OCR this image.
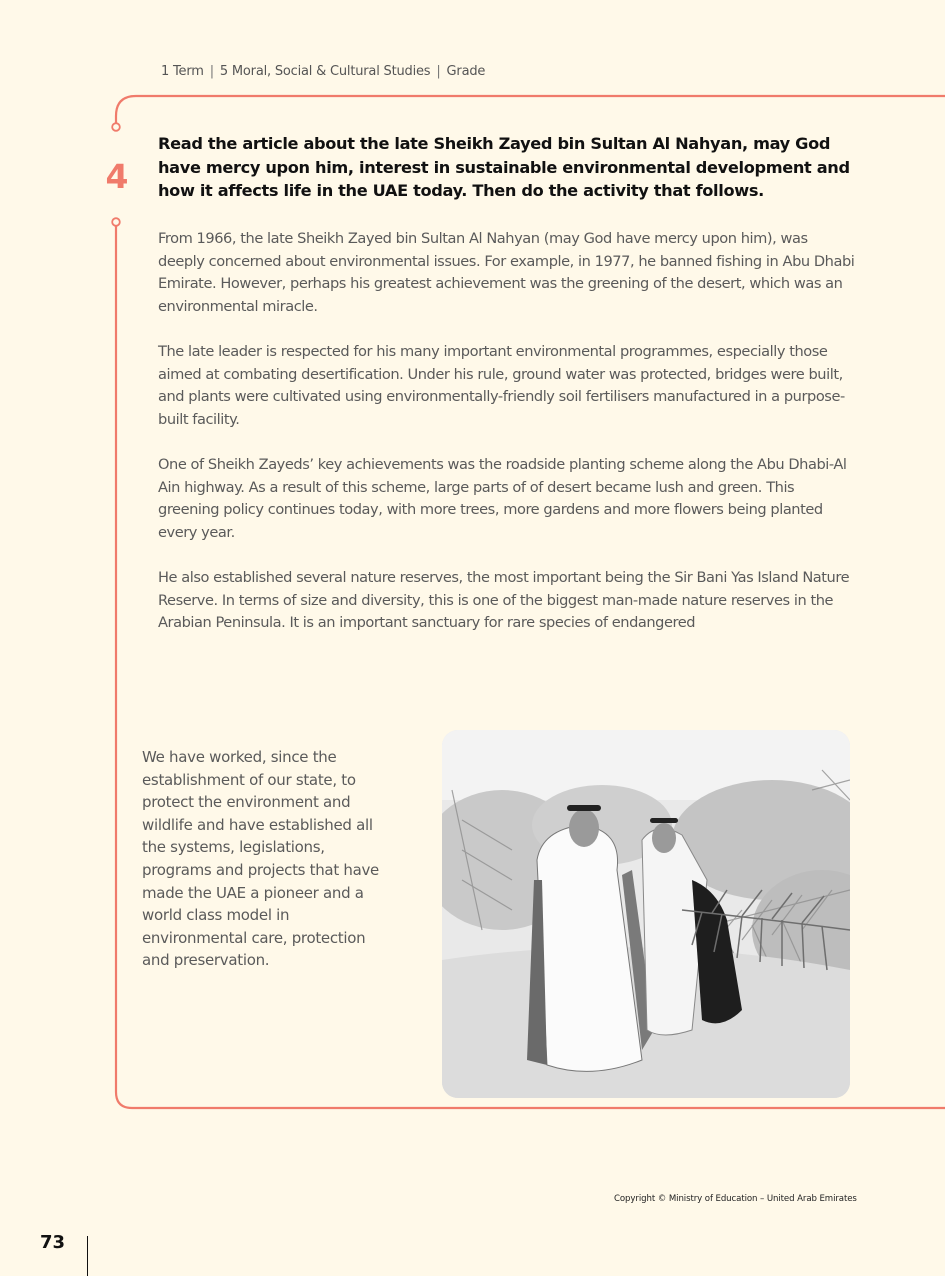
1 Term | 5 Moral, Social & Cultural Studies | Grade
4
Read the article about the late Sheikh Zayed bin Sultan Al Nahyan, may God have mercy upon him, interest in sustainable environmental development and how it affects life in the UAE today. Then do the activity that follows.

From 1966, the late Sheikh Zayed bin Sultan Al Nahyan (may God have mercy upon him), was deeply concerned about environmental issues. For example, in 1977, he banned fishing in Abu Dhabi Emirate. However, perhaps his greatest achievement was the greening of the desert, which was an environmental miracle.

The late leader is respected for his many important environmental programmes, especially those aimed at combating desertification. Under his rule, ground water was protected, bridges were built, and plants were cultivated using environmentally-friendly soil fertilisers manufactured in a purpose-built facility.

One of Sheikh Zayeds’ key achievements was the roadside planting scheme along the Abu Dhabi-Al Ain highway. As a result of this scheme, large parts of of desert became lush and green. This greening policy continues today, with more trees, more gardens and more flowers being planted every year.

He also established several nature reserves, the most important being the Sir Bani Yas Island Nature Reserve. In terms of size and diversity, this is one of the biggest man-made nature reserves in the Arabian Peninsula. It is an important sanctuary for rare species of endangered

We have worked, since the establishment of our state, to protect the environment and wildlife and have established all the systems, legislations, programs and projects that have made the UAE a pioneer and a world class model in environmental care, protection and preservation.
Copyright © Ministry of Education – United Arab Emirates
73
